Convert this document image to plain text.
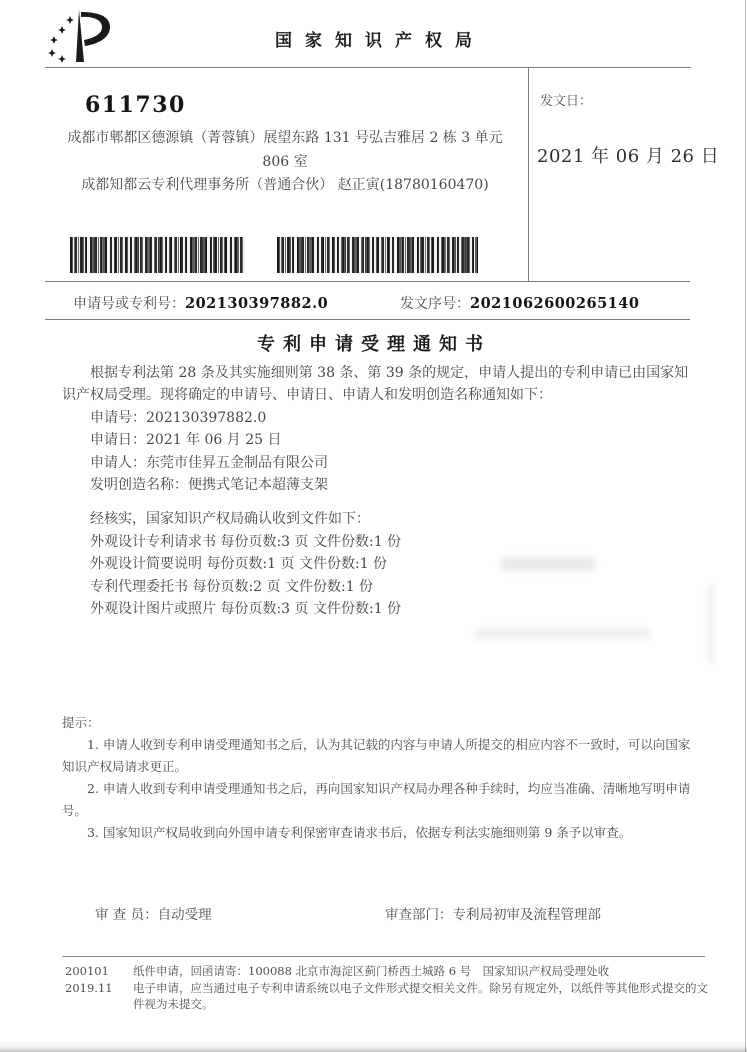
国家知识产权局
611730
成都市郫都区德源镇（菁蓉镇）展望东路 131 号弘吉雅居 2 栋 3 单元
806 室
成都知都云专利代理事务所（普通合伙） 赵正寅(18780160470)
发文日：
2021 年 06 月 26 日
申请号或专利号：202130397882.0	发文序号：2021062600265140
专利申请受理通知书

根据专利法第 28 条及其实施细则第 38 条、第 39 条的规定，申请人提出的专利申请已由国家知识产权局受理。现将确定的申请号、申请日、申请人和发明创造名称通知如下：

申请号：202130397882.0

申请日：2021 年 06 月 25 日

申请人：东莞市佳昇五金制品有限公司

发明创造名称：便携式笔记本超薄支架

经核实，国家知识产权局确认收到文件如下：

外观设计专利请求书 每份页数:3 页 文件份数:1 份

外观设计简要说明 每份页数:1 页 文件份数:1 份

专利代理委托书 每份页数:2 页 文件份数:1 份

外观设计图片或照片 每份页数:3 页 文件份数:1 份

提示：

1. 申请人收到专利申请受理通知书之后，认为其记载的内容与申请人所提交的相应内容不一致时，可以向国家知识产权局请求更正。

2. 申请人收到专利申请受理通知书之后，再向国家知识产权局办理各种手续时，均应当准确、清晰地写明申请号。

3. 国家知识产权局收到向外国申请专利保密审查请求书后，依据专利法实施细则第 9 条予以审查。

审 查 员：自动受理	审查部门：专利局初审及流程管理部
200101	纸件申请，回函请寄：100088 北京市海淀区蓟门桥西土城路 6 号　国家知识产权局受理处收
2019.11	电子申请，应当通过电子专利申请系统以电子文件形式提交相关文件。除另有规定外，以纸件等其他形式提交的文件视为未提交。
